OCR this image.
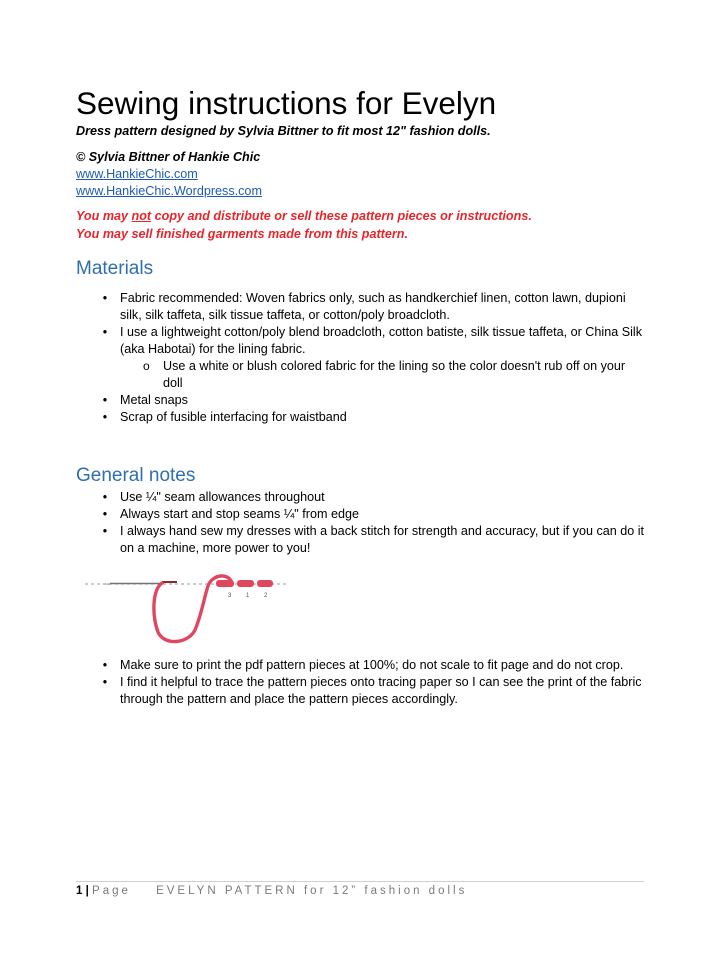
Sewing instructions for Evelyn

Dress pattern designed by Sylvia Bittner to fit most 12" fashion dolls.

© Sylvia Bittner of Hankie Chic

www.HankieChic.com
www.HankieChic.Wordpress.com

You may not copy and distribute or sell these pattern pieces or instructions.

You may sell finished garments made from this pattern.

Materials
• Fabric recommended: Woven fabrics only, such as handkerchief linen, cotton lawn, dupioni silk, silk taffeta, silk tissue taffeta, or cotton/poly broadcloth.
• I use a lightweight cotton/poly blend broadcloth, cotton batiste, silk tissue taffeta, or China Silk (aka Habotai) for the lining fabric.
o Use a white or blush colored fabric for the lining so the color doesn't rub off on your doll
• Metal snaps
• Scrap of fusible interfacing for waistband
General notes
• Use ¼" seam allowances throughout
• Always start and stop seams ¼" from edge
• I always hand sew my dresses with a back stitch for strength and accuracy, but if you can do it on a machine, more power to you!
3 1 2
• Make sure to print the pdf pattern pieces at 100%; do not scale to fit page and do not crop.
• I find it helpful to trace the pattern pieces onto tracing paper so I can see the print of the fabric through the pattern and place the pattern pieces accordingly.

1 | Page EVELYN PATTERN for 12” fashion dolls
